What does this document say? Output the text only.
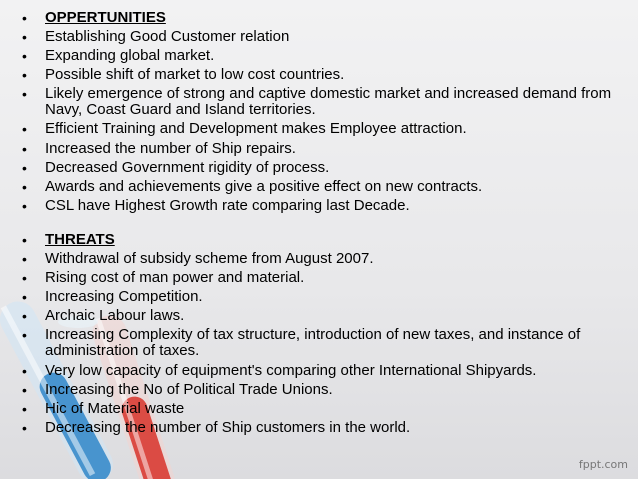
• OPPERTUNITIES
• Establishing Good Customer relation
• Expanding global market.
• Possible shift of market to low cost countries.
• Likely emergence of strong and captive domestic market and increased demand from Navy, Coast Guard and Island territories.
• Efficient Training and Development makes Employee attraction.
• Increased the number of Ship repairs.
• Decreased Government rigidity of process.
• Awards and achievements give a positive effect on new contracts.
• CSL have Highest Growth rate comparing last Decade.
• THREATS
• Withdrawal of subsidy scheme from August 2007.
• Rising cost of man power and material.
• Increasing Competition.
• Archaic Labour laws.
• Increasing Complexity of tax structure, introduction of new taxes, and instance of administration of taxes.
• Very low capacity of equipment's comparing other International Shipyards.
• Increasing the No of Political Trade Unions.
• Hic of Material waste
• Decreasing the number of Ship customers in the world.
fppt.com
